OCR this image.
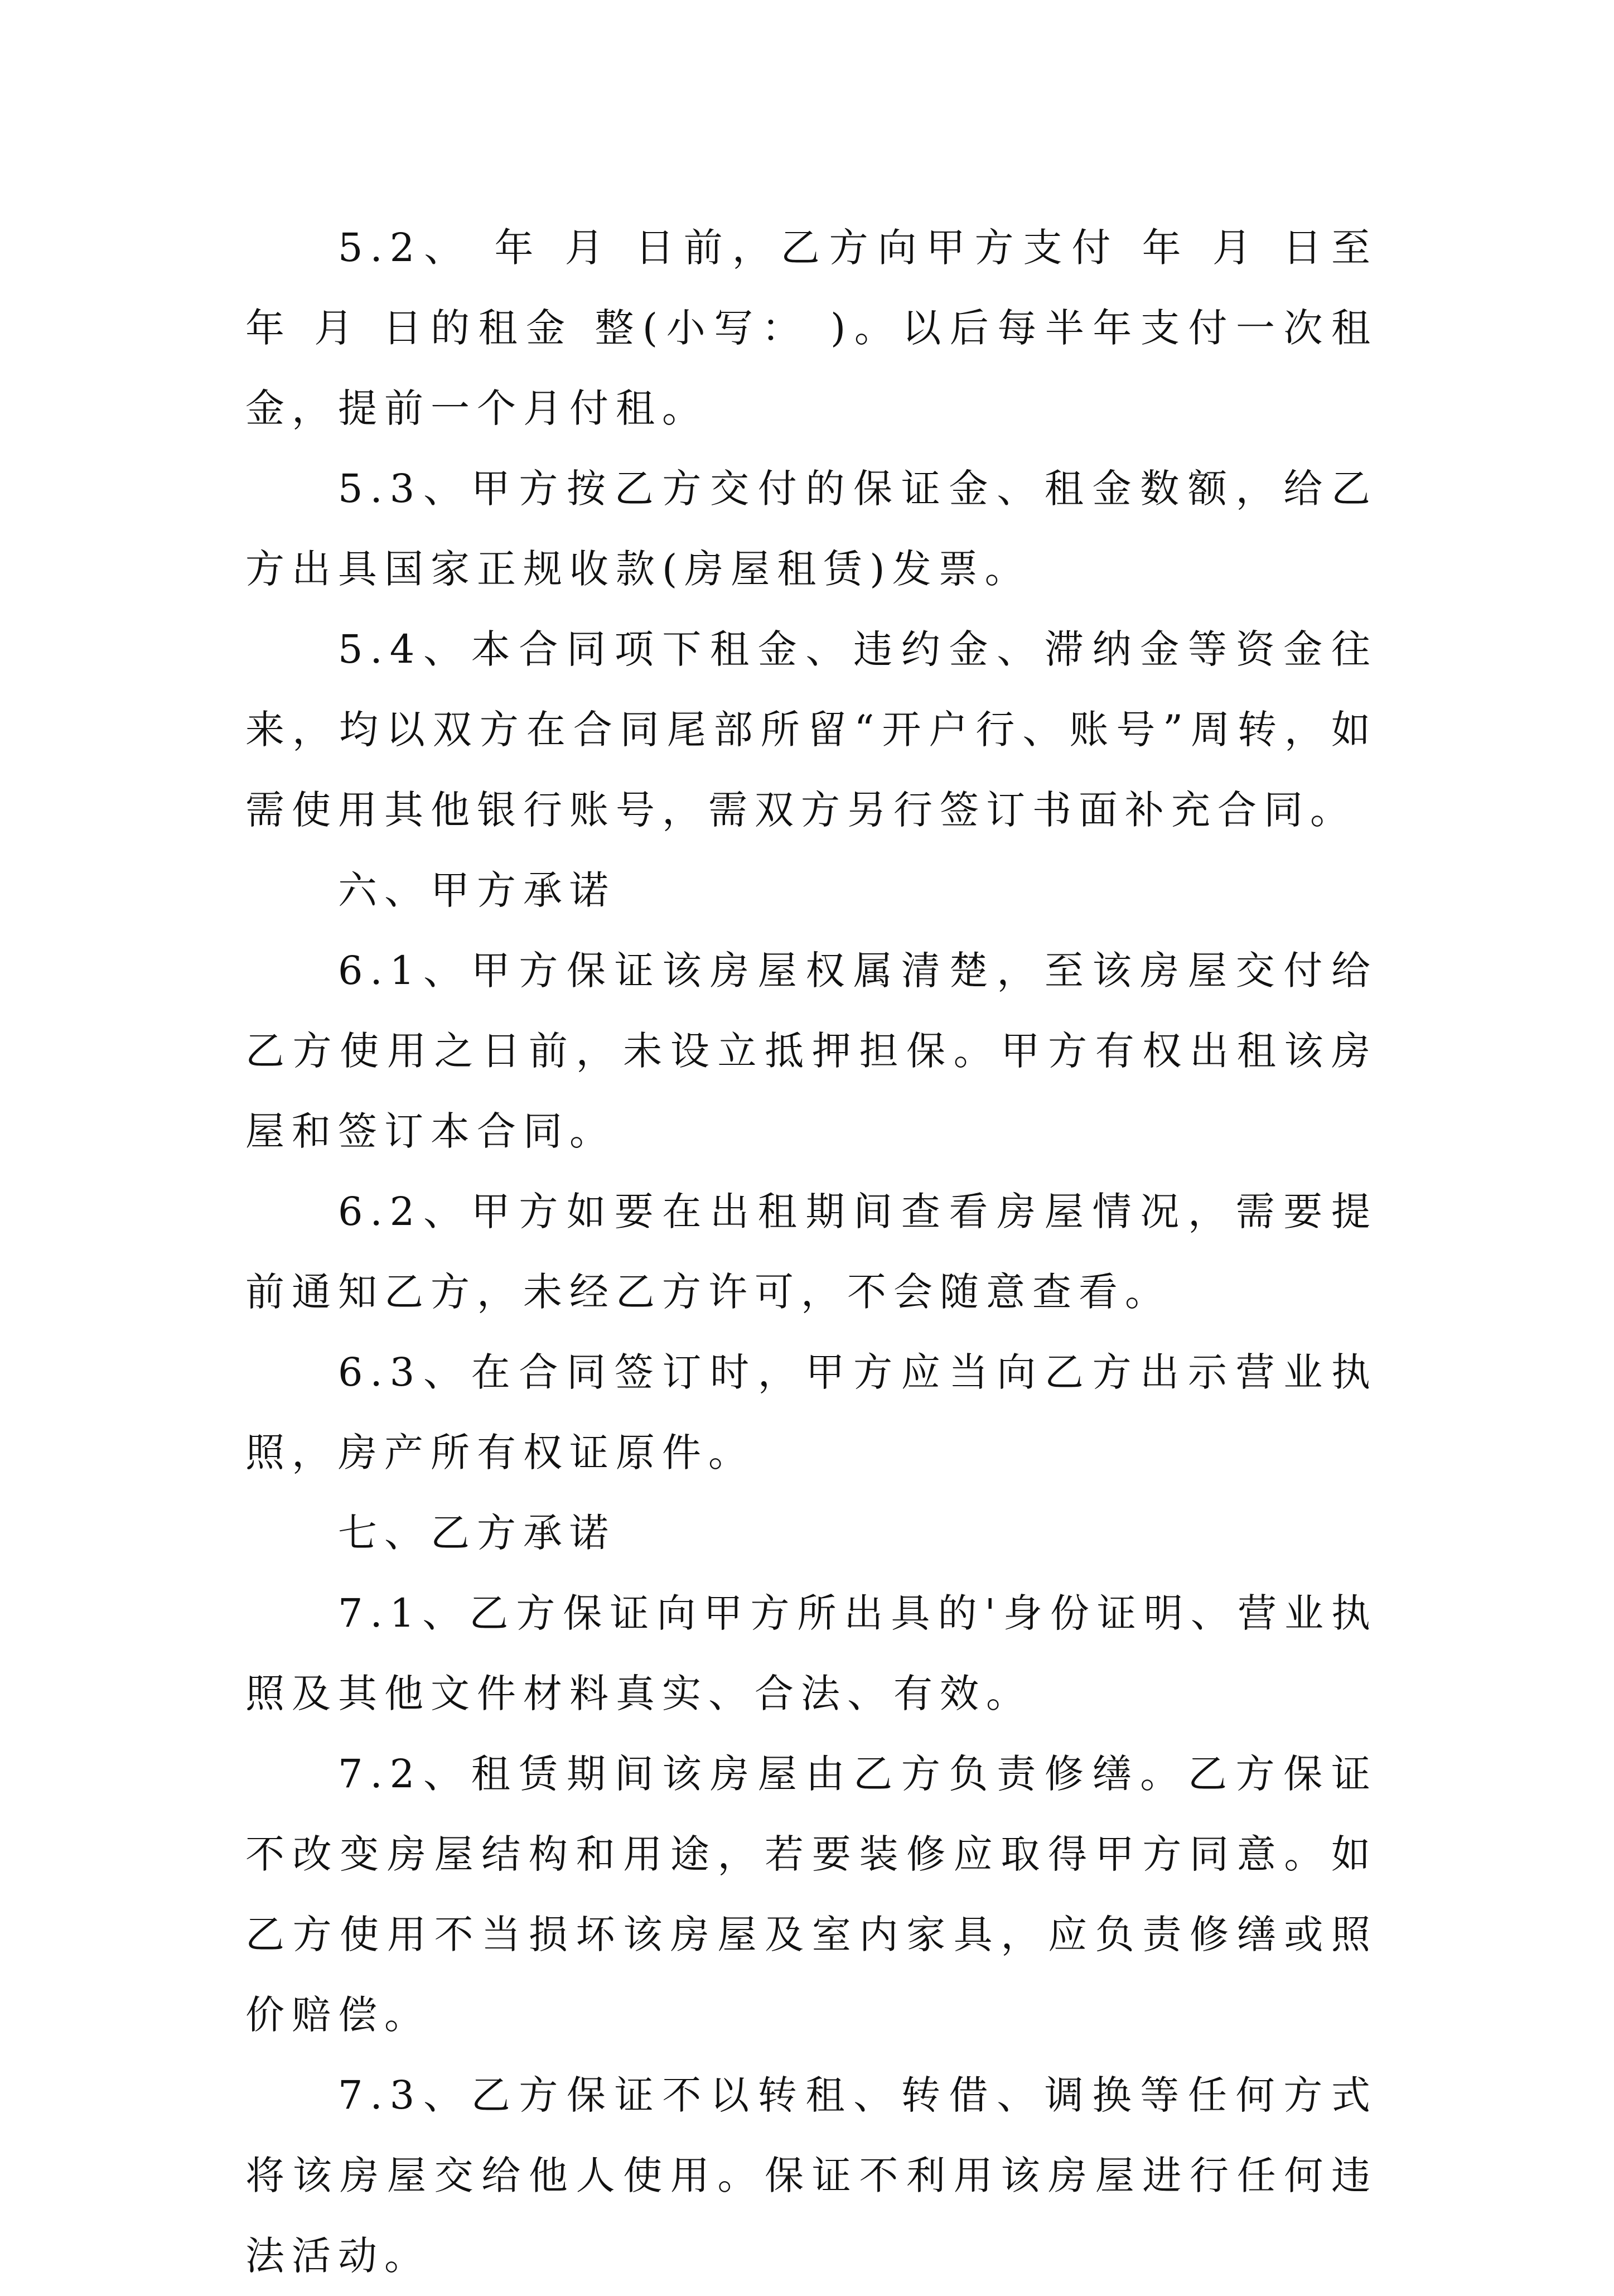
5.2、 年 月 日前，乙方向甲方支付 年 月 日至 年 月 日的租金 整(小写： )。以后每半年支付一次租金，提前一个月付租。

5.3、甲方按乙方交付的保证金、租金数额，给乙方出具国家正规收款(房屋租赁)发票。

5.4、本合同项下租金、违约金、滞纳金等资金往来，均以双方在合同尾部所留“开户行、账号”周转，如需使用其他银行账号，需双方另行签订书面补充合同。

六、甲方承诺

6.1、甲方保证该房屋权属清楚，至该房屋交付给乙方使用之日前，未设立抵押担保。甲方有权出租该房屋和签订本合同。

6.2、甲方如要在出租期间查看房屋情况，需要提前通知乙方，未经乙方许可，不会随意查看。

6.3、在合同签订时，甲方应当向乙方出示营业执照，房产所有权证原件。

七、乙方承诺

7.1、乙方保证向甲方所出具的'身份证明、营业执照及其他文件材料真实、合法、有效。

7.2、租赁期间该房屋由乙方负责修缮。乙方保证不改变房屋结构和用途，若要装修应取得甲方同意。如乙方使用不当损坏该房屋及室内家具，应负责修缮或照价赔偿。

7.3、乙方保证不以转租、转借、调换等任何方式将该房屋交给他人使用。保证不利用该房屋进行任何违法活动。
